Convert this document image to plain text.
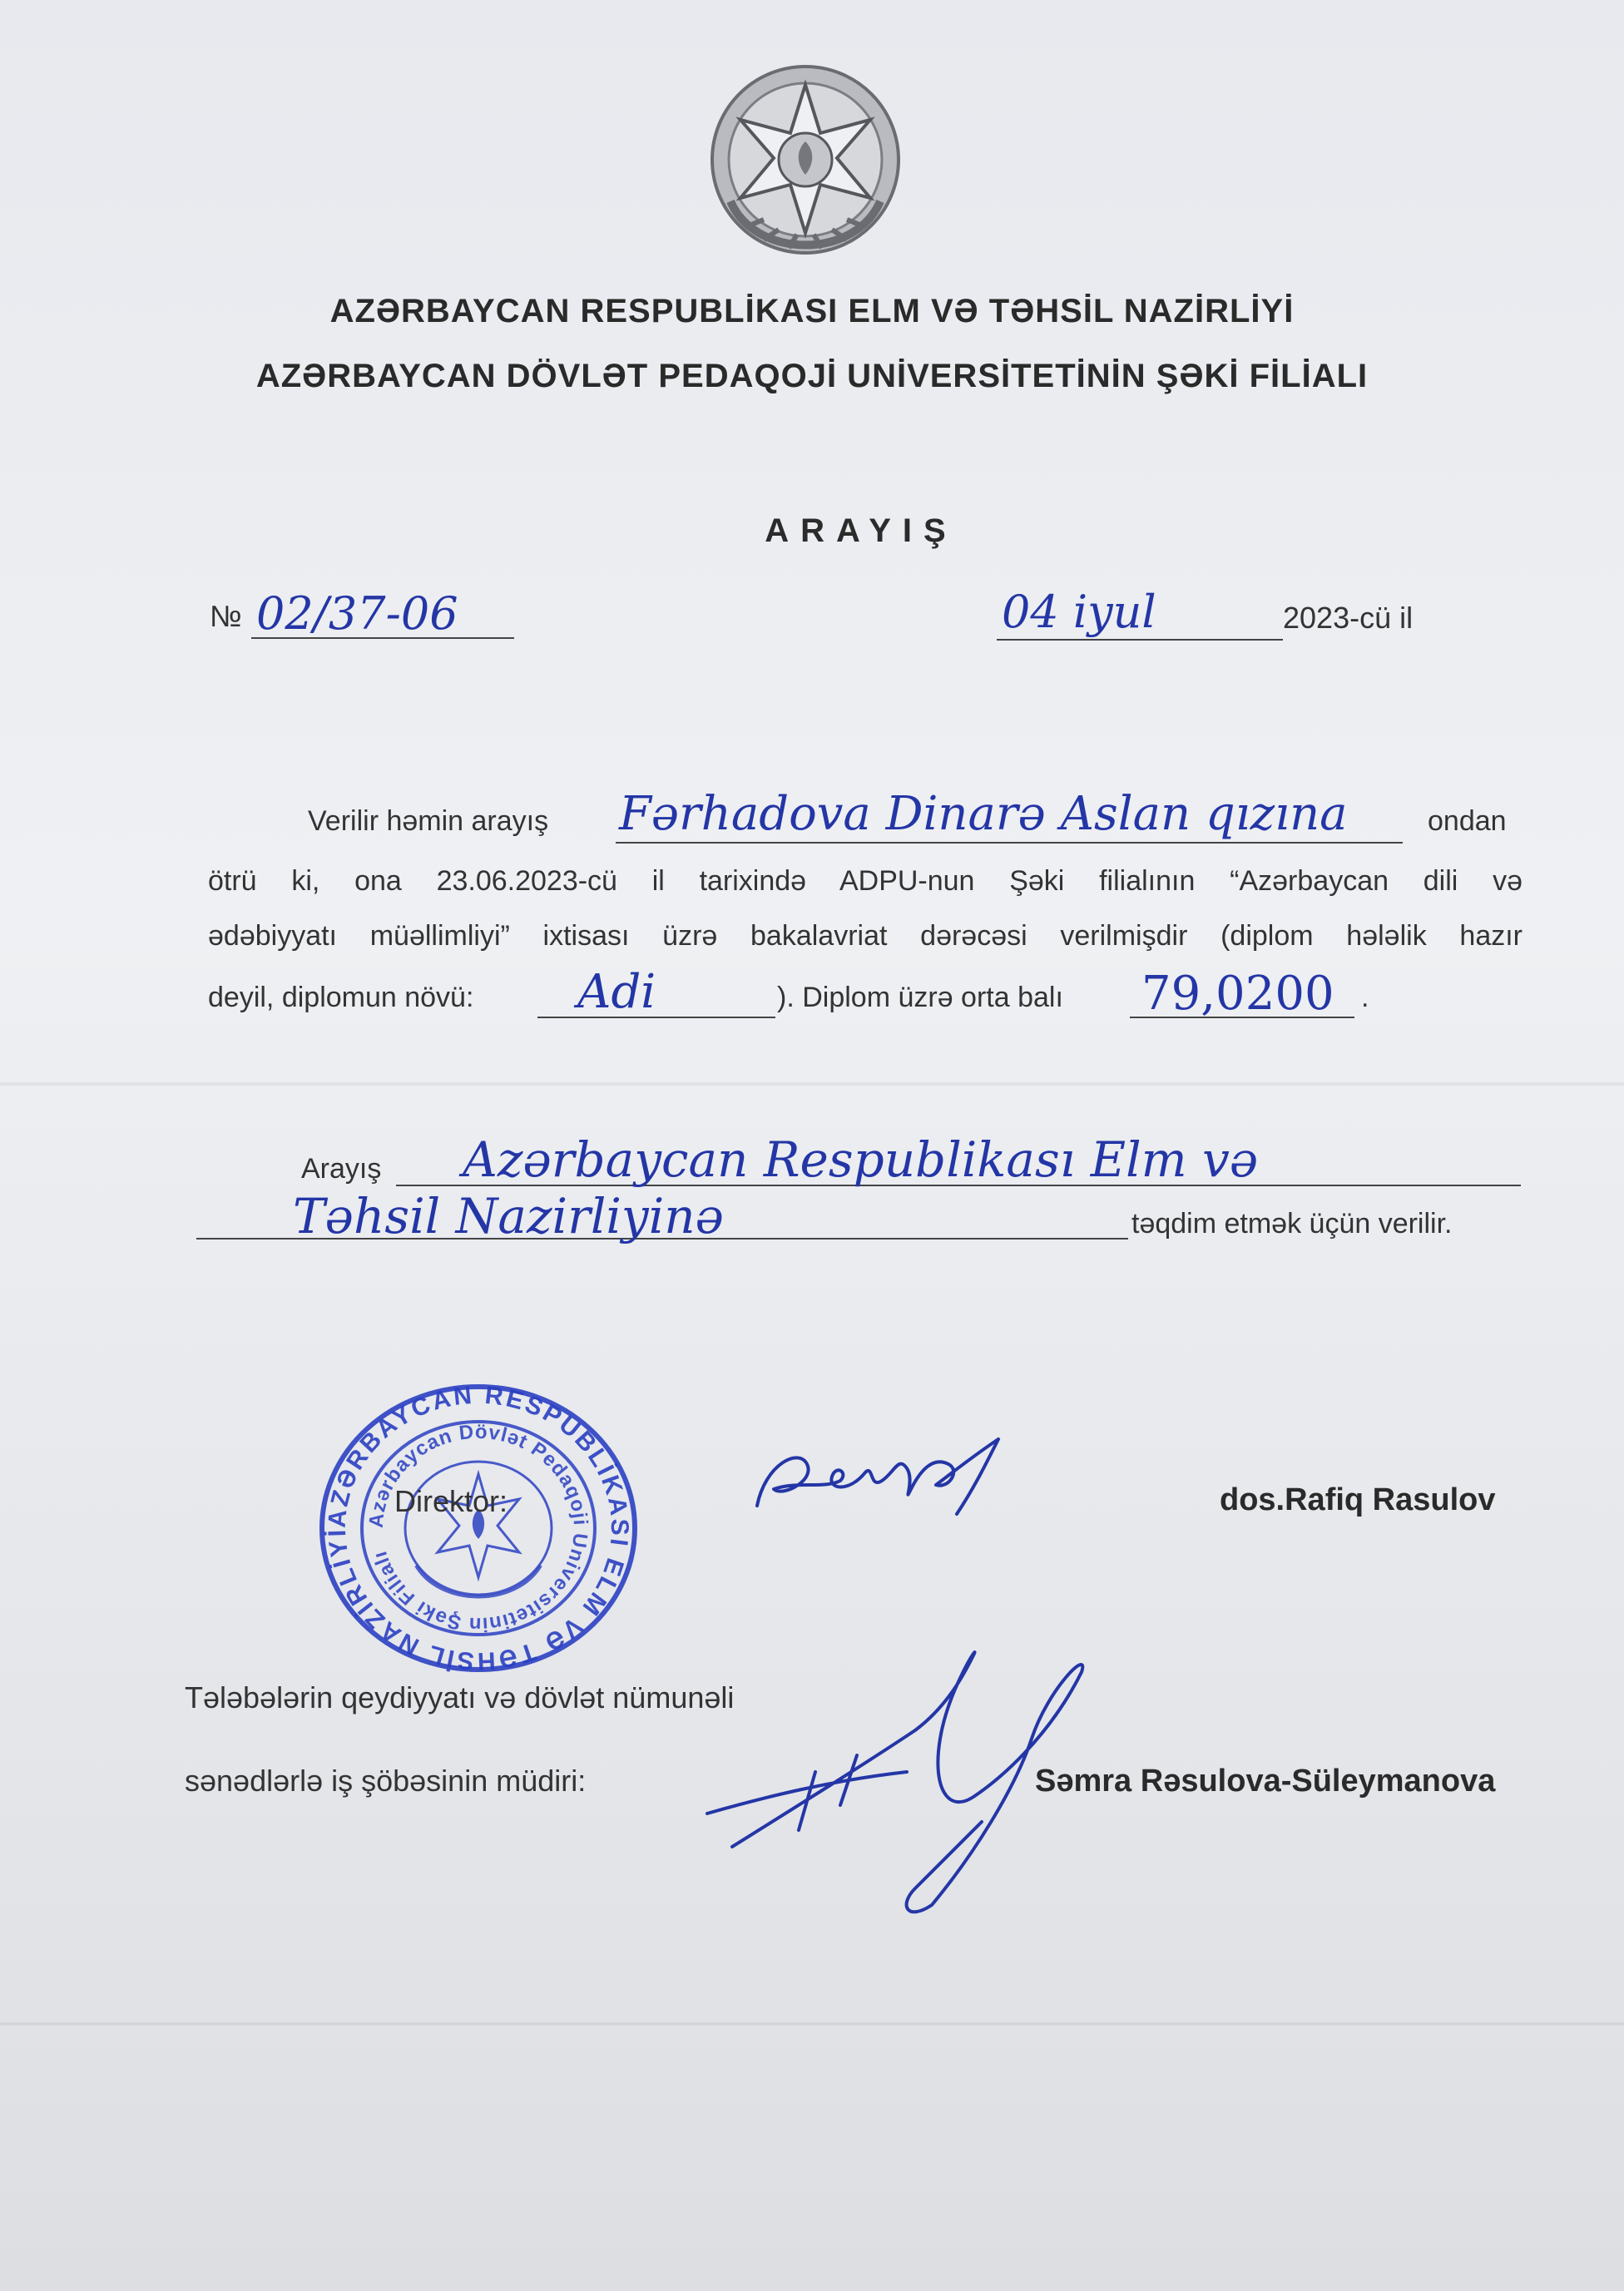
AZƏRBAYCAN RESPUBLİKASI ELM VƏ TƏHSİL NAZİRLİYİ
AZƏRBAYCAN DÖVLƏT PEDAQOJİ UNİVERSİTETİNİN ŞƏKİ FİLİALI
ARAYIŞ
№ 02/37-06	04 iyul	2023-cü il
Verilir həmin arayış Fərhadova Dinarə Aslan qızına	ondan
ötrü ki, ona 23.06.2023-cü il tarixində ADPU-nun Şəki filialının “Azərbaycan dili və
ədəbiyyatı müəllimliyi” ixtisası üzrə bakalavriat dərəcəsi verilmişdir (diplom hələlik hazır
deyil, diplomun növü: Adi	). Diplom üzrə orta balı 79,0200 .
Arayış Azərbaycan Respublikası Elm və
Təhsil Nazirliyinə	təqdim etmək üçün verilir.
AZƏRBAYCAN RESPUBLİKASI ELM VƏ TƏHSİL NAZİRLİYİ
Azərbaycan Dövlət Pedaqoji Universitetinin Şəki Filialı
Direktor:	dos.Rafiq Rasulov
Tələbələrin qeydiyyatı və dövlət nümunəli
sənədlərlə iş şöbəsinin müdiri:	Səmra Rəsulova-Süleymanova
